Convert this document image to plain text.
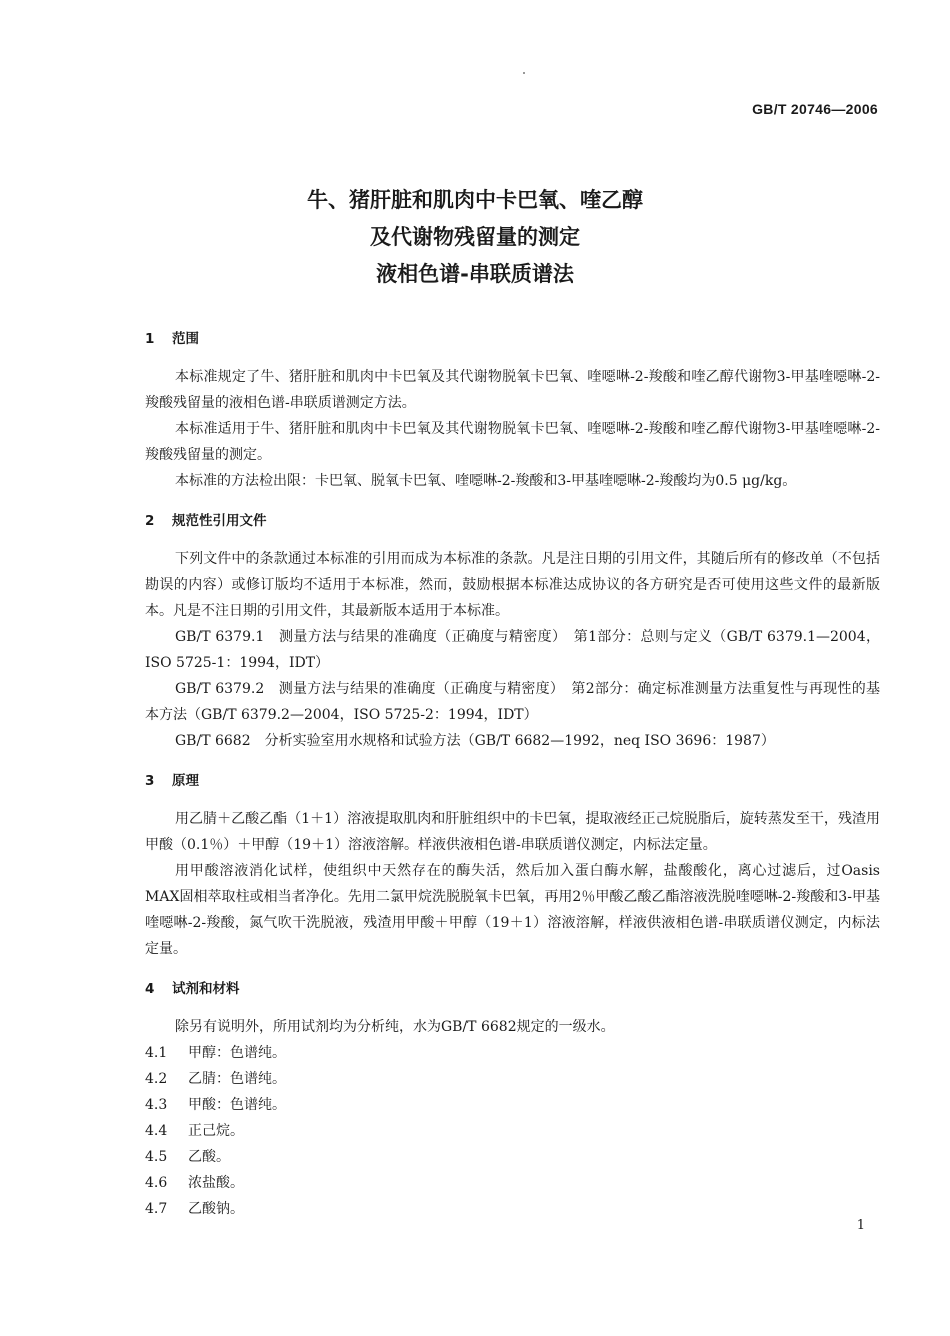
GB/T 20746—2006
牛、猪肝脏和肌肉中卡巴氧、喹乙醇
及代谢物残留量的测定
液相色谱-串联质谱法
1 范围

本标准规定了牛、猪肝脏和肌肉中卡巴氧及其代谢物脱氧卡巴氧、喹噁啉-2-羧酸和喹乙醇代谢物3-甲基喹噁啉-2-羧酸残留量的液相色谱-串联质谱测定方法。

本标准适用于牛、猪肝脏和肌肉中卡巴氧及其代谢物脱氧卡巴氧、喹噁啉-2-羧酸和喹乙醇代谢物3-甲基喹噁啉-2-羧酸残留量的测定。

本标准的方法检出限：卡巴氧、脱氧卡巴氧、喹噁啉-2-羧酸和3-甲基喹噁啉-2-羧酸均为0.5 μg/kg。

2 规范性引用文件

下列文件中的条款通过本标准的引用而成为本标准的条款。凡是注日期的引用文件，其随后所有的修改单（不包括勘误的内容）或修订版均不适用于本标准，然而，鼓励根据本标准达成协议的各方研究是否可使用这些文件的最新版本。凡是不注日期的引用文件，其最新版本适用于本标准。

GB/T 6379.1　测量方法与结果的准确度（正确度与精密度）　第1部分：总则与定义（GB/T 6379.1—2004，ISO 5725-1：1994，IDT）

GB/T 6379.2　测量方法与结果的准确度（正确度与精密度）　第2部分：确定标准测量方法重复性与再现性的基本方法（GB/T 6379.2—2004，ISO 5725-2：1994，IDT）

GB/T 6682　分析实验室用水规格和试验方法（GB/T 6682—1992，neq ISO 3696：1987）

3 原理

用乙腈＋乙酸乙酯（1＋1）溶液提取肌肉和肝脏组织中的卡巴氧，提取液经正己烷脱脂后，旋转蒸发至干，残渣用甲酸（0.1％）＋甲醇（19＋1）溶液溶解。样液供液相色谱-串联质谱仪测定，内标法定量。

用甲酸溶液消化试样，使组织中天然存在的酶失活，然后加入蛋白酶水解，盐酸酸化，离心过滤后，过Oasis MAX固相萃取柱或相当者净化。先用二氯甲烷洗脱脱氧卡巴氧，再用2％甲酸乙酸乙酯溶液洗脱喹噁啉-2-羧酸和3-甲基喹噁啉-2-羧酸，氮气吹干洗脱液，残渣用甲酸＋甲醇（19＋1）溶液溶解，样液供液相色谱-串联质谱仪测定，内标法定量。

4 试剂和材料

除另有说明外，所用试剂均为分析纯，水为GB/T 6682规定的一级水。

4.1 甲醇：色谱纯。
4.2 乙腈：色谱纯。
4.3 甲酸：色谱纯。
4.4 正己烷。
4.5 乙酸。
4.6 浓盐酸。
4.7 乙酸钠。
1
